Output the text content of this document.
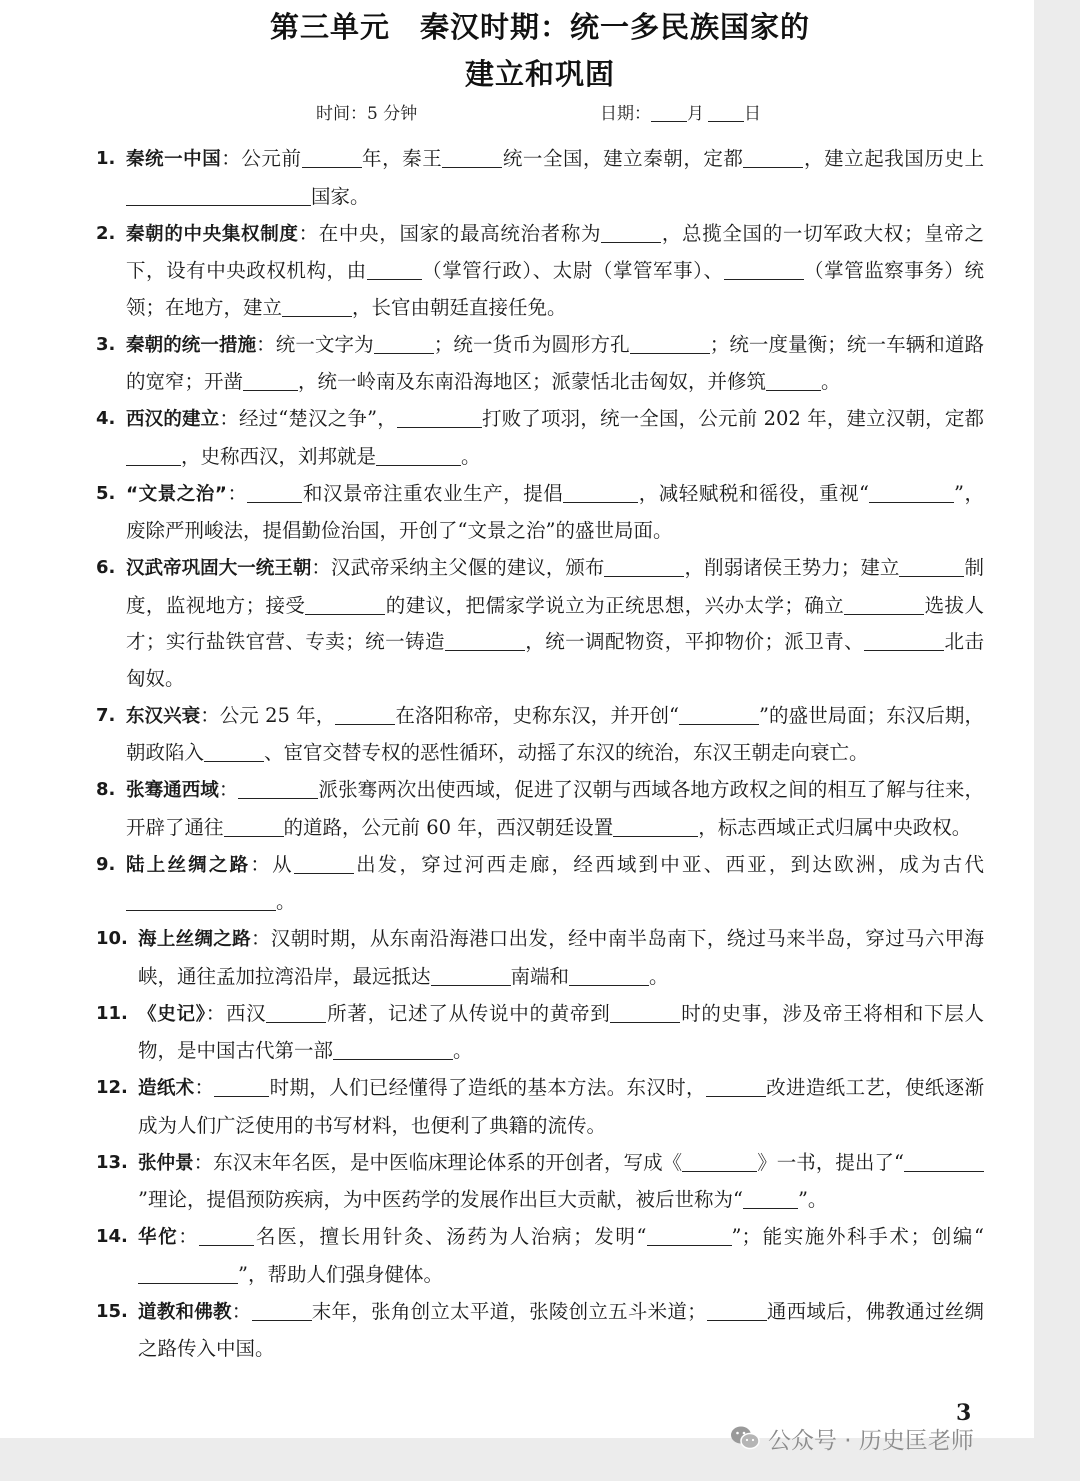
第三单元　秦汉时期：统一多民族国家的
建立和巩固
时间：5 分钟	日期： 月 日
1. 秦统一中国：公元前	年，秦王	统一全国，建立秦朝，定都	，建立起我国历史上国家。
2. 秦朝的中央集权制度：在中央，国家的最高统治者称为	，总揽全国的一切军政大权；皇帝之下，设有中央政权机构，由	（掌管行政）、太尉（掌管军事）、	（掌管监察事务）统领；在地方，建立	，长官由朝廷直接任免。
3. 秦朝的统一措施：统一文字为	；统一货币为圆形方孔	；统一度量衡；统一车辆和道路的宽窄；开凿	，统一岭南及东南沿海地区；派蒙恬北击匈奴，并修筑	。
4. 西汉的建立：经过“楚汉之争”，	打败了项羽，统一全国，公元前 202 年，建立汉朝，定都，史称西汉，刘邦就是	。
5. “文景之治”：	和汉景帝注重农业生产，提倡	，减轻赋税和徭役，重视“	”，废除严刑峻法，提倡勤俭治国，开创了“文景之治”的盛世局面。
6. 汉武帝巩固大一统王朝：汉武帝采纳主父偃的建议，颁布	，削弱诸侯王势力；建立	制度，监视地方；接受	的建议，把儒家学说立为正统思想，兴办太学；确立	选拔人才；实行盐铁官营、专卖；统一铸造	，统一调配物资，平抑物价；派卫青、	北击匈奴。
7. 东汉兴衰：公元 25 年，	在洛阳称帝，史称东汉，并开创“	”的盛世局面；东汉后期，朝政陷入	、宦官交替专权的恶性循环，动摇了东汉的统治，东汉王朝走向衰亡。
8. 张骞通西域：	派张骞两次出使西域，促进了汉朝与西域各地方政权之间的相互了解与往来，开辟了通往	的道路，公元前 60 年，西汉朝廷设置	，标志西域正式归属中央政权。
9. 陆上丝绸之路：从	出发，穿过河西走廊，经西域到中亚、西亚，到达欧洲，成为古代。
10. 海上丝绸之路：汉朝时期，从东南沿海港口出发，经中南半岛南下，绕过马来半岛，穿过马六甲海峡，通往孟加拉湾沿岸，最远抵达	南端和	。
11. 《史记》：西汉	所著，记述了从传说中的黄帝到	时的史事，涉及帝王将相和下层人物，是中国古代第一部	。
12. 造纸术：	时期，人们已经懂得了造纸的基本方法。东汉时，	改进造纸工艺，使纸逐渐成为人们广泛使用的书写材料，也便利了典籍的流传。
13. 张仲景：东汉末年名医，是中医临床理论体系的开创者，写成《	》一书，提出了“”理论，提倡预防疾病，为中医药学的发展作出巨大贡献，被后世称为“	”。
14. 华佗：	名医，擅长用针灸、汤药为人治病；发明“	”；能实施外科手术；创编“”，帮助人们强身健体。
15. 道教和佛教：	末年，张角创立太平道，张陵创立五斗米道；	通西域后，佛教通过丝绸之路传入中国。
3
公众号 · 历史匡老师
